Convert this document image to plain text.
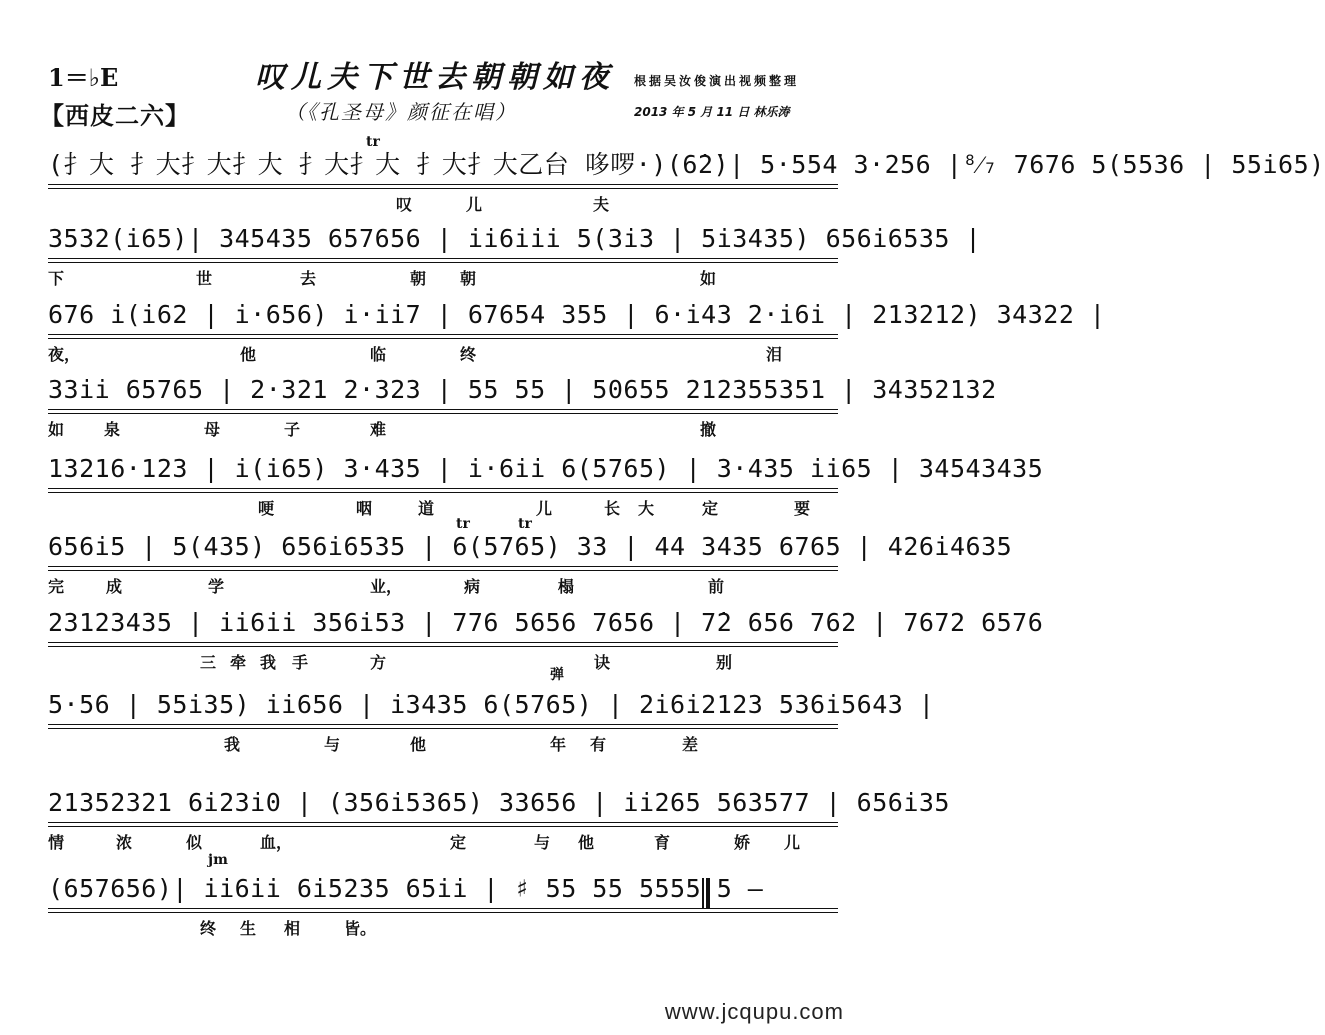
1＝♭E
【西皮二六】
叹儿夫下世去朝朝如夜
（《孔圣母》颜征在唱）
根据吴汝俊演出视频整理
2013 年 5 月 11 日 林乐涛
(扌大 扌大扌大扌大 扌大扌大 扌大扌大乙台 哆啰·)(6̇2̇)| 5·554 3·256 |⁸⁄₇ 7676 5(5536 | 55i65)
叹	儿	夫
tr
3532(i65)| 345435 657656 | ii6iii 5(3i3 | 5i3435) 656i6535 |
下	世	去	朝 朝	如
676 i(i62 | i·656) i·ii7 | 67654 355 | 6·i43 2·i6i | 213212) 34322 |
夜，	他	临	终	泪
33ii 65765 | 2·321 2·323 | 55 55 | 50655 212355351 | 34352132
如 泉	母	子	难	撤
13216·123 | i(i65) 3·435 | i·6ii 6(5765) | 3·435 ii65 | 34543435
哽	咽	道	儿	长 大	定	要
656i5 | 5(435) 656i6535 | 6(5765) 33 | 44 3435 6765 | 426i4635
完	成	学	业，	病	榻	前
tr	tr
23123435 | ii6ii 356i53 | 776 5656 7656 | 7̇2 656 762 | 7672 6576
三 牵 我 手	方	诀	别
5·56 | 55i35) ii656 | i3435 6(5765) | 2i6i2123 536i5643 |
我	与	他	年 有	差
弹
21352321 6i23i0 | (356i5365) 33656 | ii265 563577 | 656i35
情	浓	似	血，	定	与 他	育	娇 儿
(657656)| ii6ii 6i5235 65ii | ♯ 55 55 5555 5 —
终 生 相	皆。
jm
www.jcqupu.com
